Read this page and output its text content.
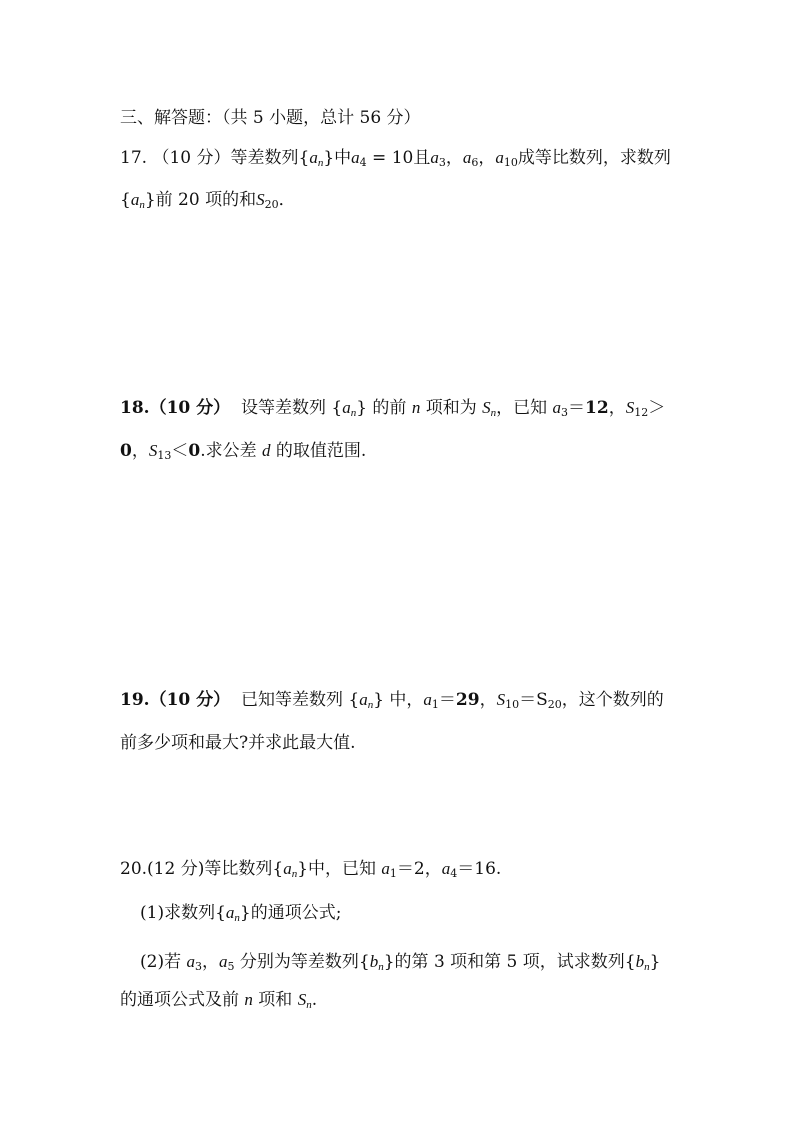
三、解答题：（共 5 小题，总计 56 分）
17. （10 分）等差数列$\{a_n\}$中$a_4 = 10$且$a_3$，$a_6$，$a_{10}$成等比数列，求数列
$\{a_n\}$前 20 项的和$S_{20}$．
18.（10 分）  设等差数列 $\{a_n\}$ 的前 n 项和为 $S_n$，已知 $a_3=12$，$S_{12}>$
0，$S_{13}<0$.求公差 d 的取值范围.
19.（10 分）  已知等差数列 $\{a_n\}$ 中，$a_1=29$，$S_{10}=S_{20}$，这个数列的
前多少项和最大?并求此最大值.
20.(12 分)等比数列$\{a_n\}$中，已知 $a_1=2$，$a_4=16$.
(1)求数列$\{a_n\}$的通项公式;
(2)若 $a_3$，$a_5$ 分别为等差数列$\{b_n\}$的第 3 项和第 5 项，试求数列$\{b_n\}$
的通项公式及前 n 项和 $S_n$.
